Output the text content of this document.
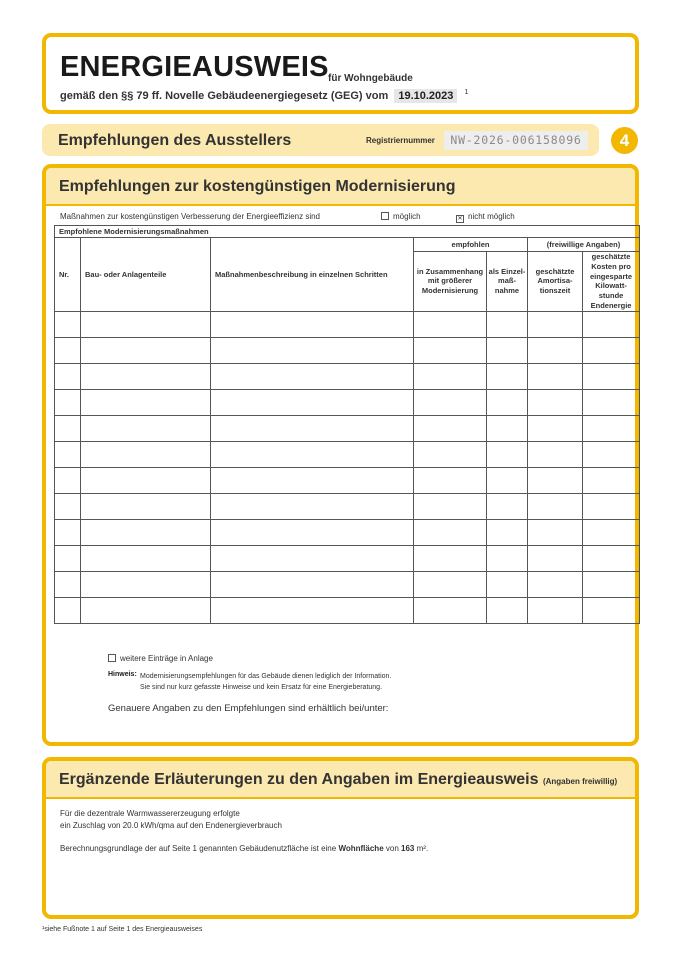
ENERGIEAUSWEIS für Wohngebäude
gemäß den §§ 79 ff. Novelle Gebäudeenergiegesetz (GEG) vom 19.10.2023 $^1$
Empfehlungen des Ausstellers	Registriernummer	NW-2026-006158096	4
Empfehlungen zur kostengünstigen Modernisierung
Maßnahmen zur kostengünstigen Verbesserung der Energieeffizienz sind	möglich	✕ nicht möglich
Empfohlene Modernisierungsmaßnahmen						
Nr.	Bau- oder Anlagenteile	Maßnahmenbeschreibung in einzelnen Schritten	empfohlen		(freiwillige Angaben)	
			in Zusammenhang mit größerer Modernisierung	als Einzel-maß-nahme	geschätzte Amortisa-tionszeit	geschätzte Kosten pro eingesparte Kilowatt-stunde Endenergie

weitere Einträge in Anlage
Hinweis: Modernisierungsempfehlungen für das Gebäude dienen lediglich der Information.
Sie sind nur kurz gefasste Hinweise und kein Ersatz für eine Energieberatung.
Genauere Angaben zu den Empfehlungen sind erhältlich bei/unter:
Ergänzende Erläuterungen zu den Angaben im Energieausweis (Angaben freiwillig)
Für die dezentrale Warmwassererzeugung erfolgte
ein Zuschlag von 20.0 kWh/qma auf den Endenergieverbrauch
Berechnungsgrundlage der auf Seite 1 genannten Gebäudenutzfläche ist eine Wohnfläche von 163 m².
¹siehe Fußnote 1 auf Seite 1 des Energieausweises
